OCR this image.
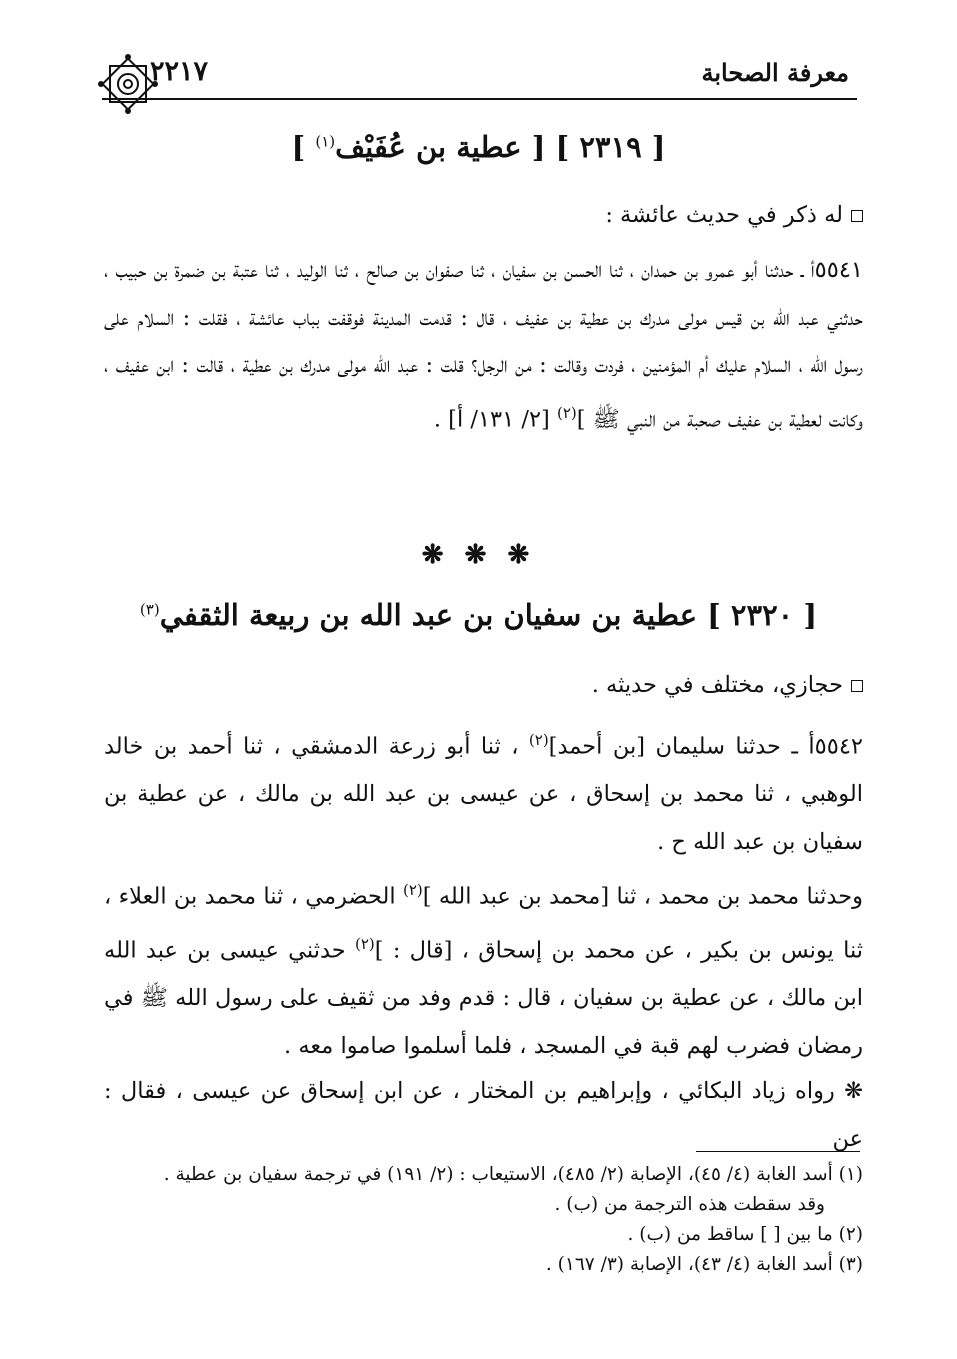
٢٢١٧	معرفة الصحابة
[ ٢٣١٩ ] [ عطية بن عُفَيْف$^{(١)}$ ]
له ذكر في حديث عائشة :
٥٥٤١أ ـ حدثنا أبو عمرو بن حمدان ، ثنا الحسن بن سفيان ، ثنا صفوان بن صالح ، ثنا الوليد ، ثنا عتبة بن ضمرة بن حبيب ، حدثني عبد الله بن قيس مولى مدرك بن عطية بن عفيف ، قال : قدمت المدينة فوقفت بباب عائشة ، فقلت : السلام على رسول الله ، السلام عليك أم المؤمنين ، فردت وقالت : من الرجل؟ قلت : عبد الله مولى مدرك بن عطية ، قالت : ابن عفيف ، وكانت لعطية بن عفيف صحبة من النبي ﷺ ]$^{(٢)}$ [٢/ ١٣١/ أ] .
❋ ❋ ❋
[ ٢٣٢٠ ] عطية بن سفيان بن عبد الله بن ربيعة الثقفي$^{(٣)}$
حجازي، مختلف في حديثه .
٥٥٤٢أ ـ حدثنا سليمان [بن أحمد]$^{(٢)}$ ، ثنا أبو زرعة الدمشقي ، ثنا أحمد بن خالد الوهبي ، ثنا محمد بن إسحاق ، عن عيسى بن عبد الله بن مالك ، عن عطية بن سفيان بن عبد الله ح .
وحدثنا محمد بن محمد ، ثنا [محمد بن عبد الله ]$^{(٢)}$ الحضرمي ، ثنا محمد بن العلاء ، ثنا يونس بن بكير ، عن محمد بن إسحاق ، [قال : ]$^{(٢)}$ حدثني عيسى بن عبد الله ابن مالك ، عن عطية بن سفيان ، قال : قدم وفد من ثقيف على رسول الله ﷺ في رمضان فضرب لهم قبة في المسجد ، فلما أسلموا صاموا معه .
❋ رواه زياد البكائي ، وإبراهيم بن المختار ، عن ابن إسحاق عن عيسى ، فقال : عن
(١) أسد الغابة (٤/ ٤٥)، الإصابة (٢/ ٤٨٥)، الاستيعاب : (٢/ ١٩١) في ترجمة سفيان بن عطية .
وقد سقطت هذه الترجمة من (ب) .
(٢) ما بين [ ] ساقط من (ب) .
(٣) أسد الغابة (٤/ ٤٣)، الإصابة (٣/ ١٦٧) .
